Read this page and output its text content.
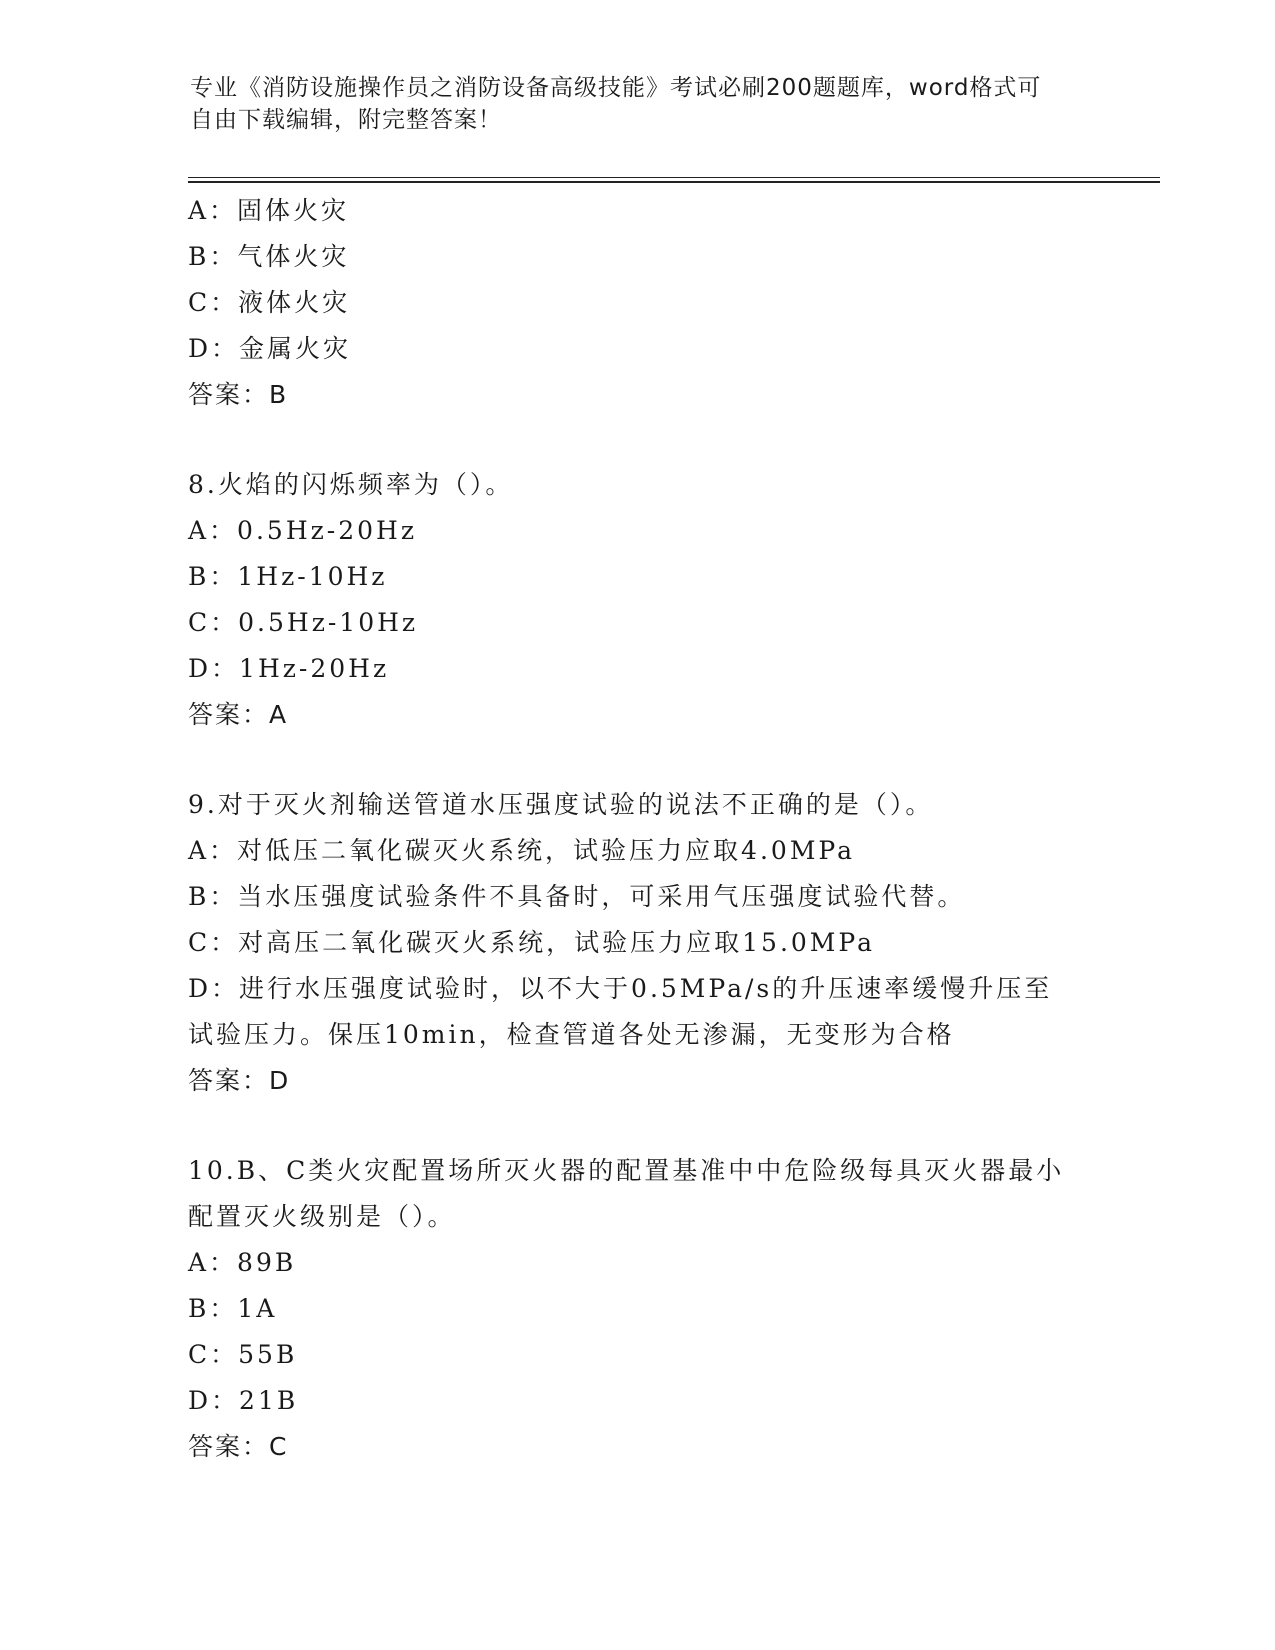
专业《消防设施操作员之消防设备高级技能》考试必刷200题题库，word格式可
自由下载编辑，附完整答案！
A：固体火灾
B：气体火灾
C：液体火灾
D：金属火灾
答案：B
8.火焰的闪烁频率为（）。
A：0.5Hz-20Hz
B：1Hz-10Hz
C：0.5Hz-10Hz
D：1Hz-20Hz
答案：A
9.对于灭火剂输送管道水压强度试验的说法不正确的是（）。
A：对低压二氧化碳灭火系统，试验压力应取4.0MPa
B：当水压强度试验条件不具备时，可采用气压强度试验代替。
C：对高压二氧化碳灭火系统，试验压力应取15.0MPa
D：进行水压强度试验时，以不大于0.5MPa/s的升压速率缓慢升压至
试验压力。保压10min，检查管道各处无渗漏，无变形为合格
答案：D
10.B、C类火灾配置场所灭火器的配置基准中中危险级每具灭火器最小
配置灭火级别是（）。
A：89B
B：1A
C：55B
D：21B
答案：C
